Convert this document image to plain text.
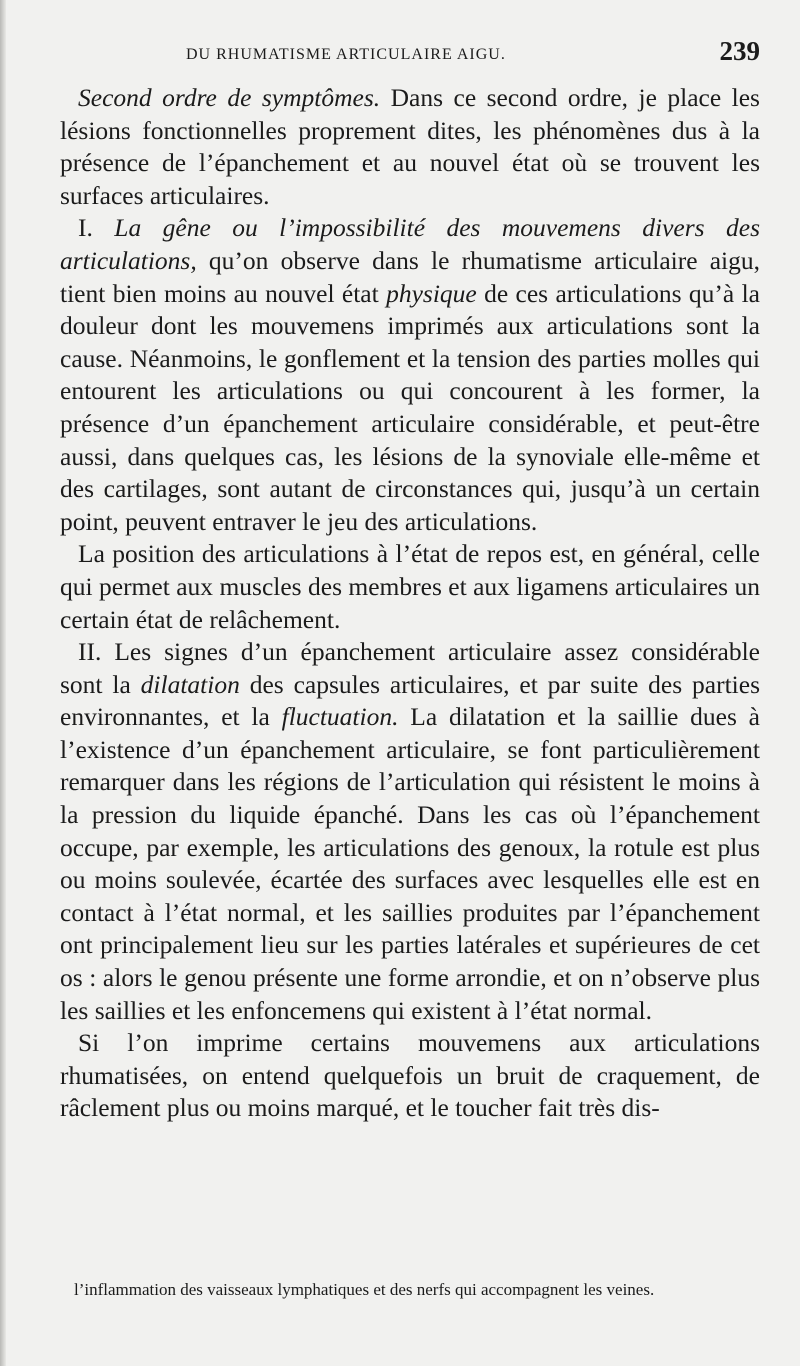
DU RHUMATISME ARTICULAIRE AIGU.	239

Second ordre de symptômes. Dans ce second ordre, je place les lésions fonctionnelles proprement dites, les phénomènes dus à la présence de l’épanchement et au nouvel état où se trouvent les surfaces articulaires.

I. La gêne ou l’impossibilité des mouvemens divers des articulations, qu’on observe dans le rhumatisme articulaire aigu, tient bien moins au nouvel état physique de ces articulations qu’à la douleur dont les mouvemens imprimés aux articulations sont la cause. Néanmoins, le gonflement et la tension des parties molles qui entourent les articulations ou qui concourent à les former, la présence d’un épanchement articulaire considérable, et peut-être aussi, dans quelques cas, les lésions de la synoviale elle-même et des cartilages, sont autant de circonstances qui, jusqu’à un certain point, peuvent entraver le jeu des articulations.

La position des articulations à l’état de repos est, en général, celle qui permet aux muscles des membres et aux ligamens articulaires un certain état de relâchement.

II. Les signes d’un épanchement articulaire assez considérable sont la dilatation des capsules articulaires, et par suite des parties environnantes, et la fluctuation. La dilatation et la saillie dues à l’existence d’un épanchement articulaire, se font particulièrement remarquer dans les régions de l’articulation qui résistent le moins à la pression du liquide épanché. Dans les cas où l’épanchement occupe, par exemple, les articulations des genoux, la rotule est plus ou moins soulevée, écartée des surfaces avec lesquelles elle est en contact à l’état normal, et les saillies produites par l’épanchement ont principalement lieu sur les parties latérales et supérieures de cet os : alors le genou présente une forme arrondie, et on n’observe plus les saillies et les enfoncemens qui existent à l’état normal.

Si l’on imprime certains mouvemens aux articulations rhumatisées, on entend quelquefois un bruit de craquement, de râclement plus ou moins marqué, et le toucher fait très dis-

l’inflammation des vaisseaux lymphatiques et des nerfs qui accompagnent les veines.
